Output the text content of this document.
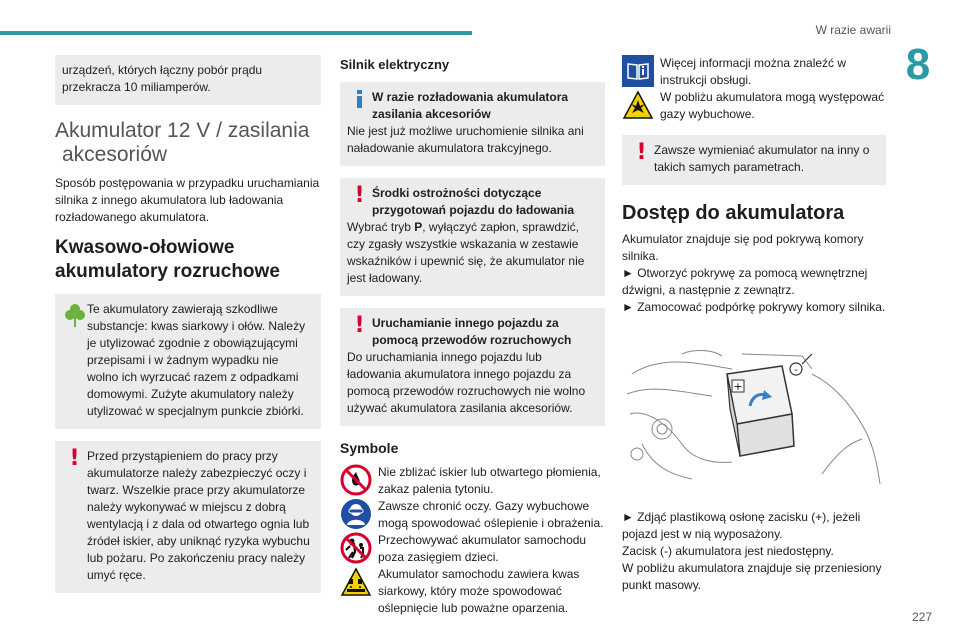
W razie awarii
8
227
urządzeń, których łączny pobór prądu przekracza 10 miliamperów.
Akumulator 12 V / zasilania
akcesoriów
Sposób postępowania w przypadku uruchamiania silnika z innego akumulatora lub ładowania rozładowanego akumulatora.
Kwasowo-ołowiowe akumulatory rozruchowe
Te akumulatory zawierają szkodliwe substancje: kwas siarkowy i ołów. Należy je utylizować zgodnie z obowiązującymi przepisami i w żadnym wypadku nie wolno ich wyrzucać razem z odpadkami domowymi. Zużyte akumulatory należy utylizować w specjalnym punkcie zbiórki.
! Przed przystąpieniem do pracy przy akumulatorze należy zabezpieczyć oczy i twarz. Wszelkie prace przy akumulatorze należy wykonywać w miejscu z dobrą wentylacją i z dala od otwartego ognia lub źródeł iskier, aby uniknąć ryzyka wybuchu lub pożaru. Po zakończeniu pracy należy umyć ręce.
Silnik elektryczny
W razie rozładowania akumulatora zasilania akcesoriów
Nie jest już możliwe uruchomienie silnika ani naładowanie akumulatora trakcyjnego.
! Środki ostrożności dotyczące przygotowań pojazdu do ładowania
Wybrać tryb P, wyłączyć zapłon, sprawdzić, czy zgasły wszystkie wskazania w zestawie wskaźników i upewnić się, że akumulator nie jest ładowany.
! Uruchamianie innego pojazdu za pomocą przewodów rozruchowych
Do uruchamiania innego pojazdu lub ładowania akumulatora innego pojazdu za pomocą przewodów rozruchowych nie wolno używać akumulatora zasilania akcesoriów.
Symbole
Nie zbliżać iskier lub otwartego płomienia, zakaz palenia tytoniu.
Zawsze chronić oczy. Gazy wybuchowe mogą spowodować oślepienie i obrażenia.
Przechowywać akumulator samochodu poza zasięgiem dzieci.
Akumulator samochodu zawiera kwas siarkowy, który może spowodować oślepnięcie lub poważne oparzenia.
Więcej informacji można znaleźć w instrukcji obsługi.
W pobliżu akumulatora mogą występować gazy wybuchowe.
! Zawsze wymieniać akumulator na inny o takich samych parametrach.
Dostęp do akumulatora
Akumulator znajduje się pod pokrywą komory silnika.
► Otworzyć pokrywę za pomocą wewnętrznej dźwigni, a następnie z zewnątrz.
► Zamocować podpórkę pokrywy komory silnika.
+
-
► Zdjąć plastikową osłonę zacisku (+), jeżeli pojazd jest w nią wyposażony.
Zacisk (-) akumulatora jest niedostępny.
W pobliżu akumulatora znajduje się przeniesiony punkt masowy.
